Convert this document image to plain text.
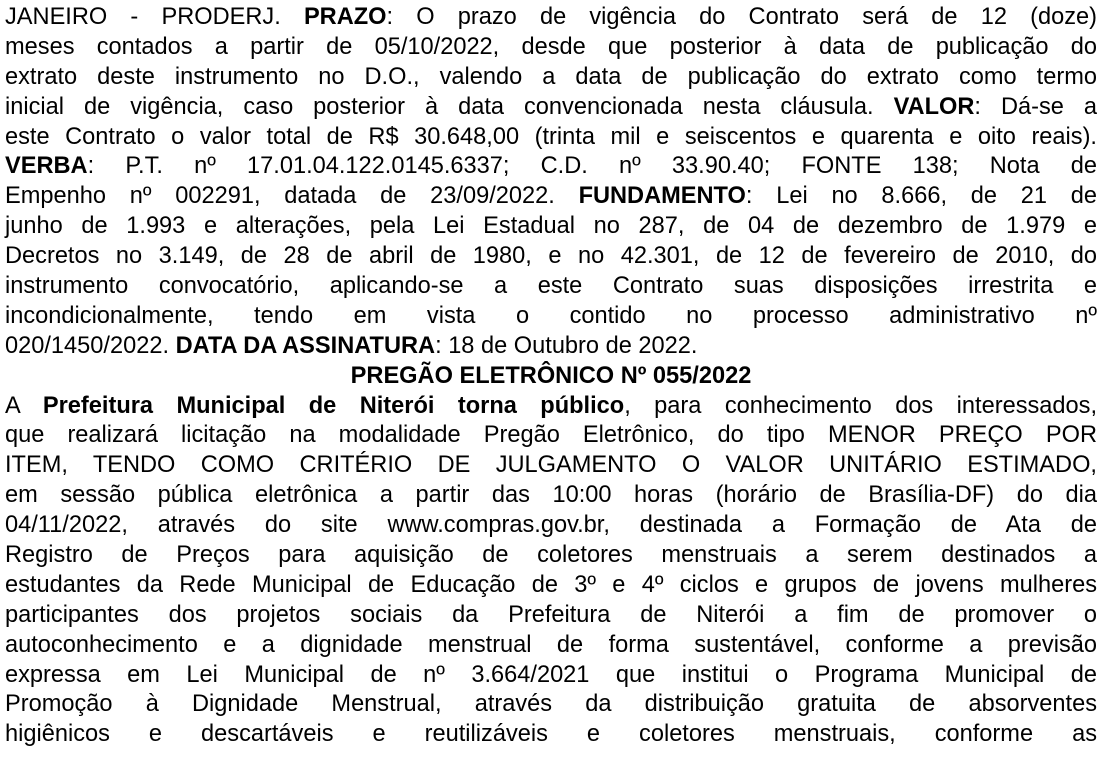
JANEIRO - PRODERJ. PRAZO: O prazo de vigência do Contrato será de 12 (doze)
meses contados a partir de 05/10/2022, desde que posterior à data de publicação do
extrato deste instrumento no D.O., valendo a data de publicação do extrato como termo
inicial de vigência, caso posterior à data convencionada nesta cláusula. VALOR: Dá-se a
este Contrato o valor total de R$ 30.648,00 (trinta mil e seiscentos e quarenta e oito reais).
VERBA: P.T. nº 17.01.04.122.0145.6337; C.D. nº 33.90.40; FONTE 138; Nota de
Empenho nº 002291, datada de 23/09/2022. FUNDAMENTO: Lei no 8.666, de 21 de
junho de 1.993 e alterações, pela Lei Estadual no 287, de 04 de dezembro de 1.979 e
Decretos no 3.149, de 28 de abril de 1980, e no 42.301, de 12 de fevereiro de 2010, do
instrumento convocatório, aplicando-se a este Contrato suas disposições irrestrita e
incondicionalmente, tendo em vista o contido no processo administrativo nº
020/1450/2022. DATA DA ASSINATURA: 18 de Outubro de 2022.
PREGÃO ELETRÔNICO Nº 055/2022
A Prefeitura Municipal de Niterói torna público, para conhecimento dos interessados,
que realizará licitação na modalidade Pregão Eletrônico, do tipo MENOR PREÇO POR
ITEM, TENDO COMO CRITÉRIO DE JULGAMENTO O VALOR UNITÁRIO ESTIMADO,
em sessão pública eletrônica a partir das 10:00 horas (horário de Brasília-DF) do dia
04/11/2022, através do site www.compras.gov.br, destinada a Formação de Ata de
Registro de Preços para aquisição de coletores menstruais a serem destinados a
estudantes da Rede Municipal de Educação de 3º e 4º ciclos e grupos de jovens mulheres
participantes dos projetos sociais da Prefeitura de Niterói a fim de promover o
autoconhecimento e a dignidade menstrual de forma sustentável, conforme a previsão
expressa em Lei Municipal de nº 3.664/2021 que institui o Programa Municipal de
Promoção à Dignidade Menstrual, através da distribuição gratuita de absorventes
higiênicos e descartáveis e reutilizáveis e coletores menstruais, conforme as
